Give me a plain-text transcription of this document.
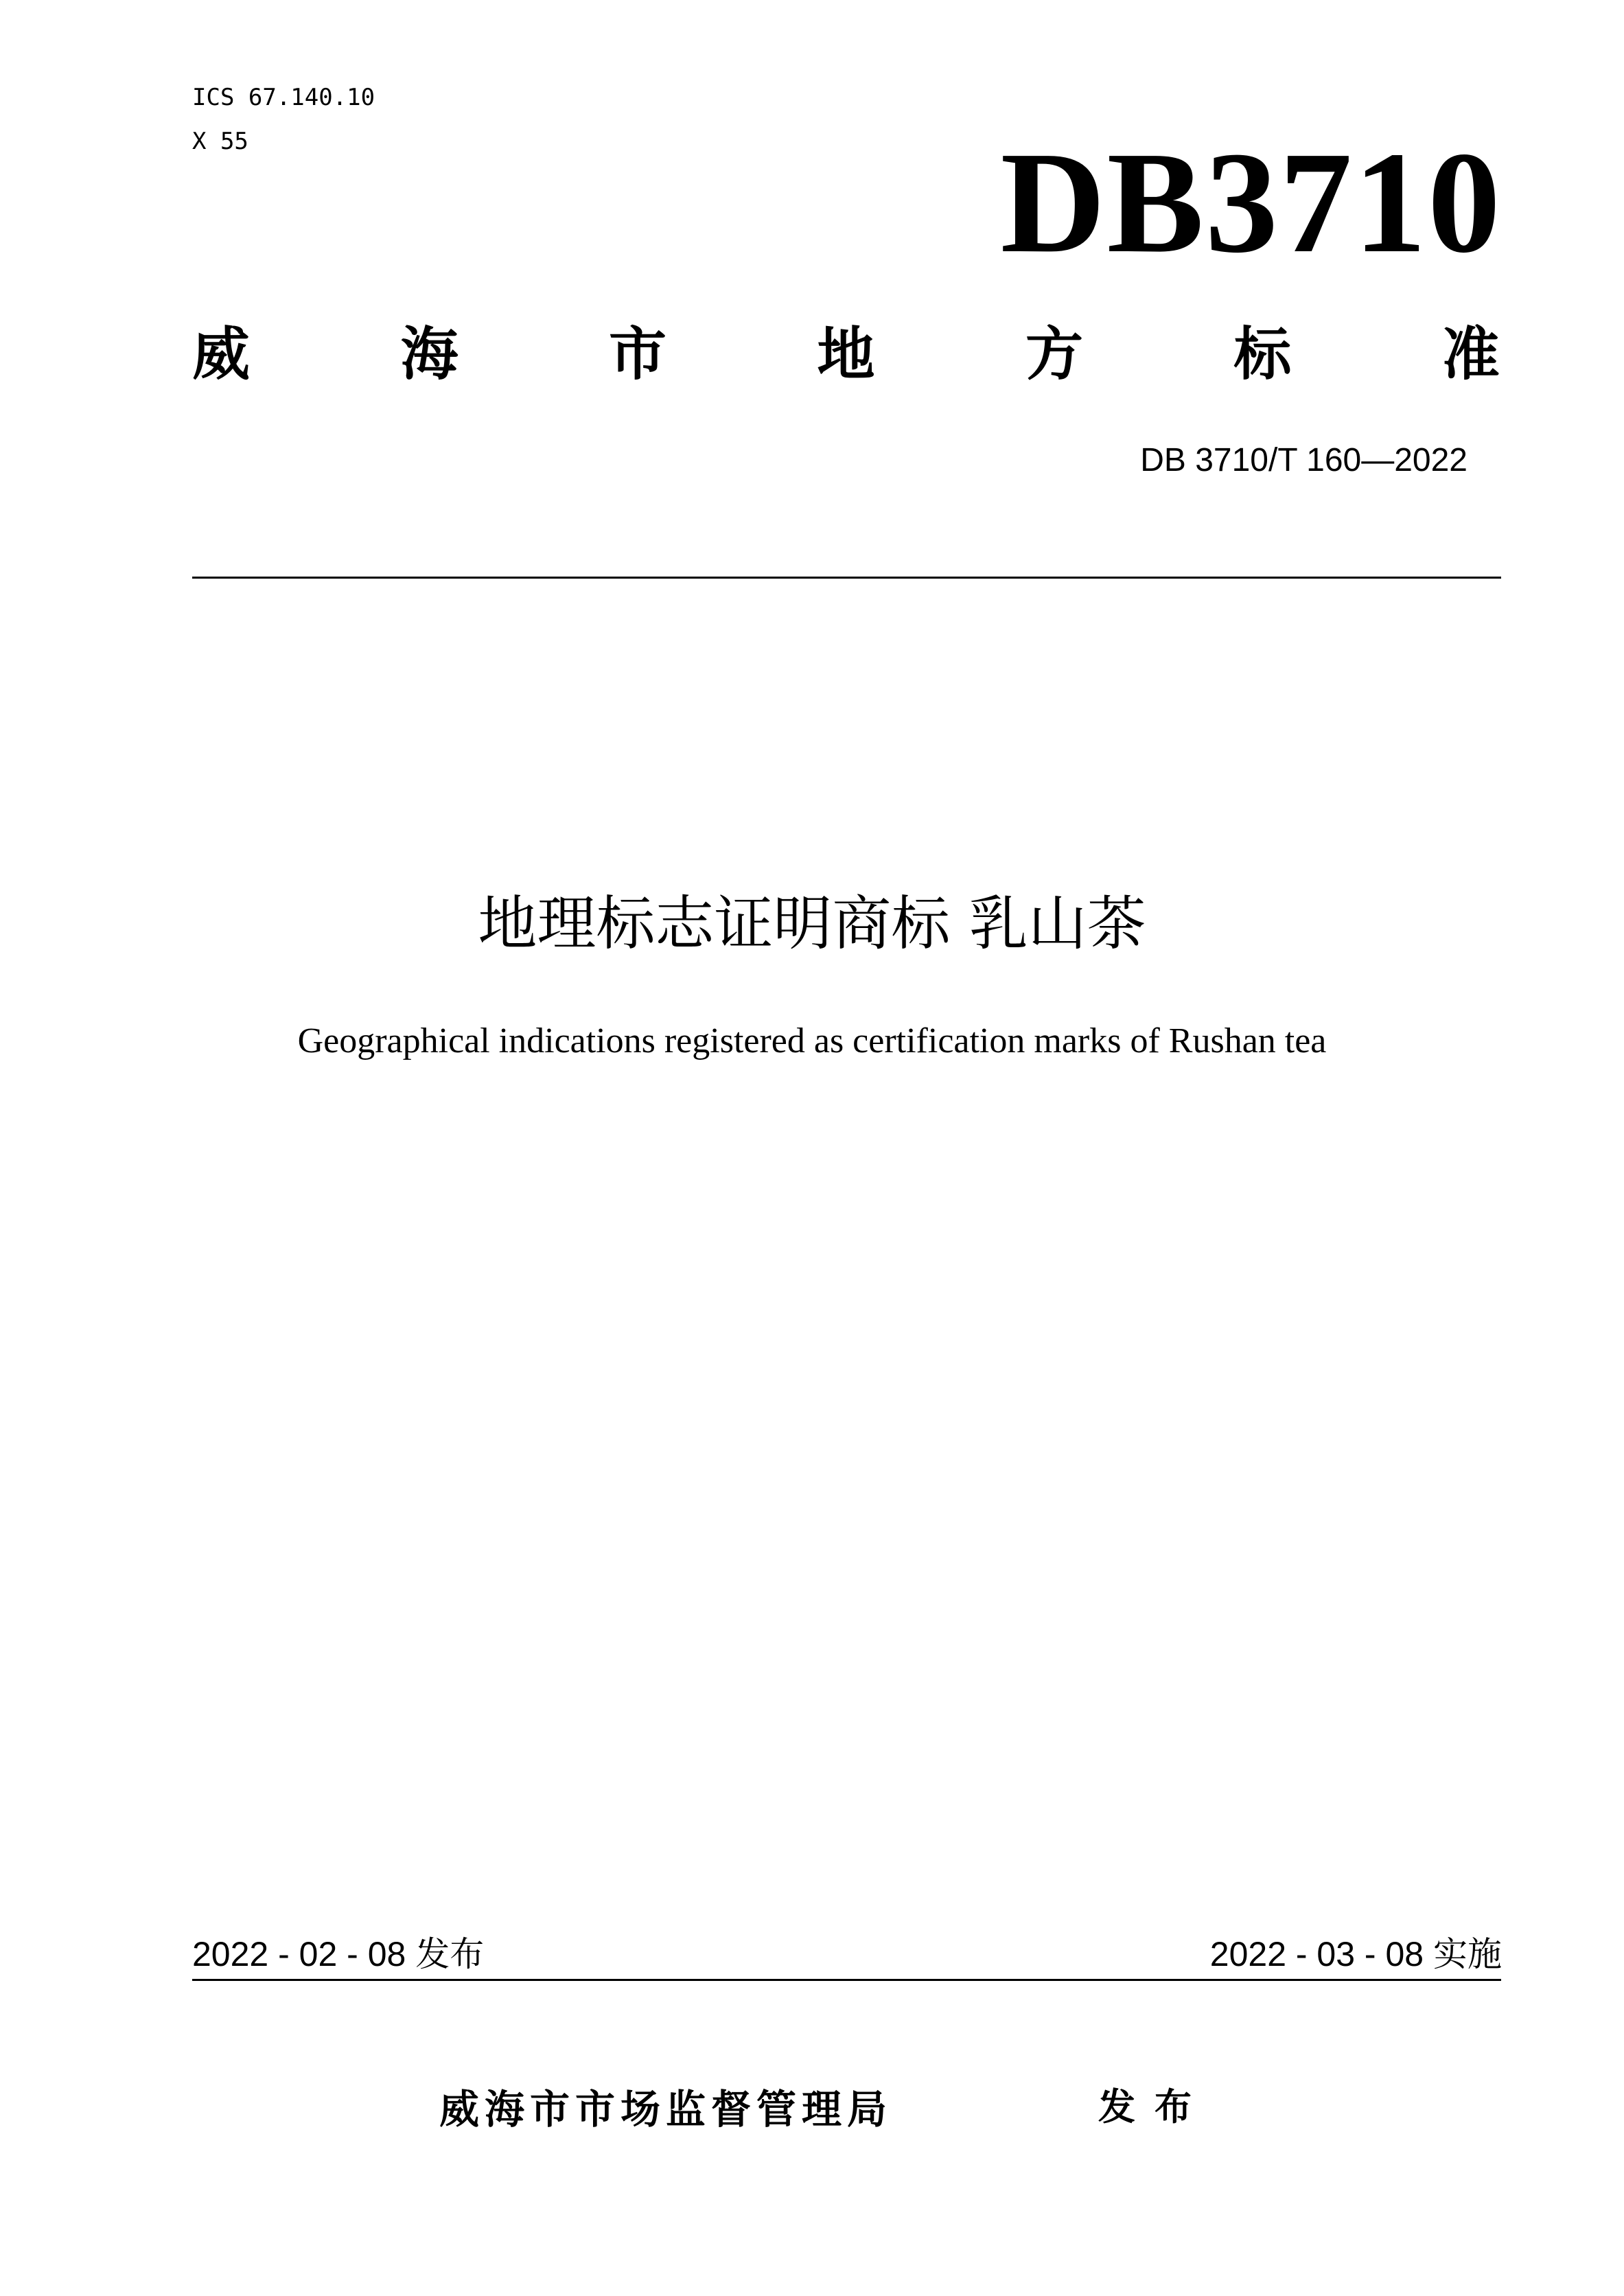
ICS 67.140.10
X 55	DB3710
威	海	市	地	方	标	准
DB 3710/T 160—2022
地理标志证明商标 乳山茶
Geographical indications registered as certification marks of Rushan tea
2022 - 02 - 08 发布	2022 - 03 - 08 实施
威海市市场监督管理局	发布
